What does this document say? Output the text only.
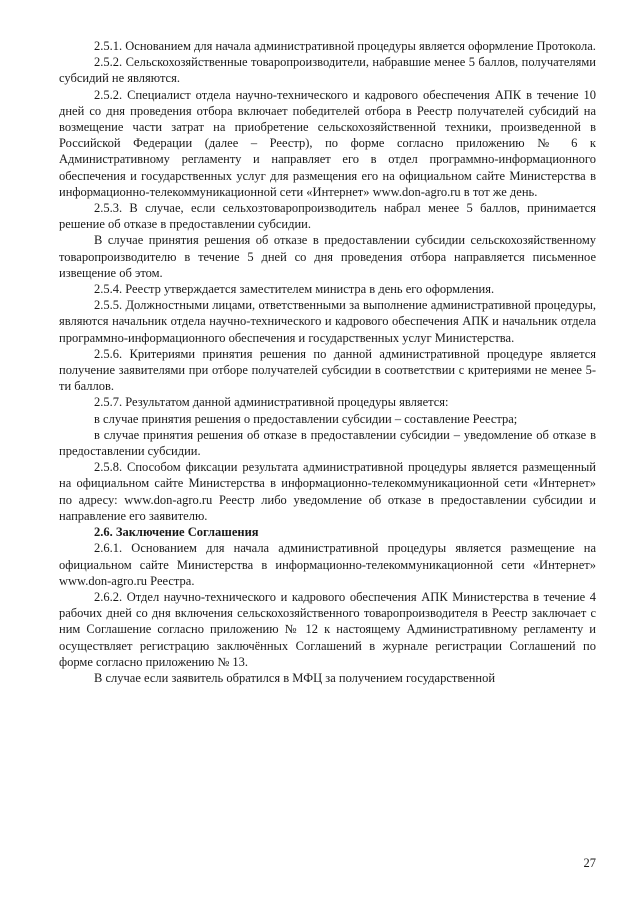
2.5.1. Основанием для начала административной процедуры является оформление Протокола.

2.5.2. Сельскохозяйственные товаропроизводители, набравшие менее 5 баллов, получателями субсидий не являются.

2.5.2. Специалист отдела научно-технического и кадрового обеспечения АПК в течение 10 дней со дня проведения отбора включает победителей отбора в Реестр получателей субсидий на возмещение части затрат на приобретение сельскохозяйственной техники, произведенной в Российской Федерации (далее – Реестр), по форме согласно приложению № 6 к Административному регламенту и направляет его в отдел программно-информационного обеспечения и государственных услуг для размещения его на официальном сайте Министерства в информационно-телекоммуникационной сети «Интернет» www.don-agro.ru в тот же день.

2.5.3. В случае, если сельхозтоваропроизводитель набрал менее 5 баллов, принимается решение об отказе в предоставлении субсидии.

В случае принятия решения об отказе в предоставлении субсидии сельскохозяйственному товаропроизводителю в течение 5 дней со дня проведения отбора направляется письменное извещение об этом.

2.5.4. Реестр утверждается заместителем министра в день его оформления.

2.5.5. Должностными лицами, ответственными за выполнение административной процедуры, являются начальник отдела научно-технического и кадрового обеспечения АПК и начальник отдела программно-информационного обеспечения и государственных услуг Министерства.

2.5.6. Критериями принятия решения по данной административной процедуре является получение заявителями при отборе получателей субсидии в соответствии с критериями не менее 5-ти баллов.

2.5.7. Результатом данной административной процедуры является:

в случае принятия решения о предоставлении субсидии – составление Реестра;

в случае принятия решения об отказе в предоставлении субсидии – уведомление об отказе в предоставлении субсидии.

2.5.8. Способом фиксации результата административной процедуры является размещенный на официальном сайте Министерства в информационно-телекоммуникационной сети «Интернет» по адресу: www.don-agro.ru Реестр либо уведомление об отказе в предоставлении субсидии и направление его заявителю.

2.6. Заключение Соглашения

2.6.1. Основанием для начала административной процедуры является размещение на официальном сайте Министерства в информационно-телекоммуникационной сети «Интернет» www.don-agro.ru Реестра.

2.6.2. Отдел научно-технического и кадрового обеспечения АПК Министерства в течение 4 рабочих дней со дня включения сельскохозяйственного товаропроизводителя в Реестр заключает с ним Соглашение согласно приложению № 12 к настоящему Административному регламенту и осуществляет регистрацию заключённых Соглашений в журнале регистрации Соглашений по форме согласно приложению № 13.

В случае если заявитель обратился в МФЦ за получением государственной

27
